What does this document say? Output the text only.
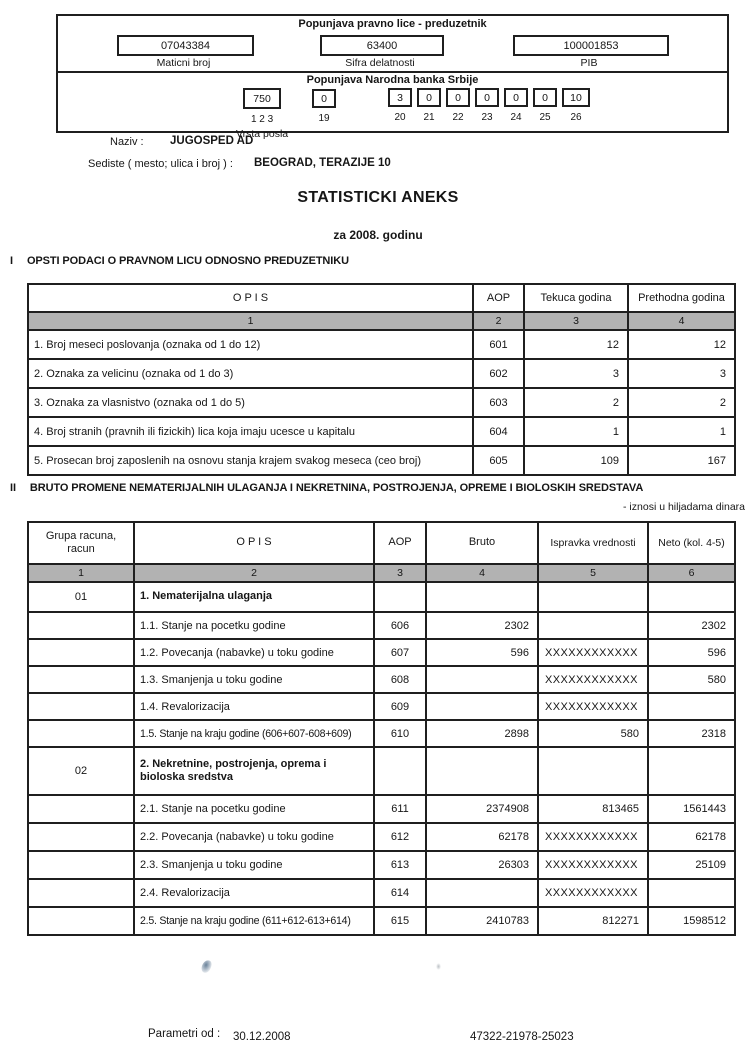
Popunjava pravno lice - preduzetnik
07043384	63400	100001853
Maticni broj	Sifra delatnosti	PIB
Popunjava Narodna banka Srbije
750
1 2 3
Vrsta posla
0
19
3
20
0
21
0
22
0
23
0
24
0
25
10
26
Naziv : JUGOSPED AD
Sediste ( mesto; ulica i broj ) : BEOGRAD, TERAZIJE 10
STATISTICKI ANEKS
za 2008. godinu
I OPSTI PODACI O PRAVNOM LICU ODNOSNO PREDUZETNIKU
O P I S	AOP	Tekuca godina	Prethodna godina
1	2	3	4
1. Broj meseci poslovanja (oznaka od 1 do 12)	601	12	12
2. Oznaka za velicinu (oznaka od 1 do 3)	602	3	3
3. Oznaka za vlasnistvo (oznaka od 1 do 5)	603	2	2
4. Broj stranih (pravnih ili fizickih) lica koja imaju ucesce u kapitalu	604	1	1
5. Prosecan broj zaposlenih na osnovu stanja krajem svakog meseca (ceo broj)	605	109	167
II BRUTO PROMENE NEMATERIJALNIH ULAGANJA I NEKRETNINA, POSTROJENJA, OPREME I BIOLOSKIH SREDSTAVA
- iznosi u hiljadama dinara
Grupa racuna, racun	O P I S	AOP	Bruto	Ispravka vrednosti	Neto (kol. 4-5)
1	2	3	4	5	6
01	1. Nematerijalna ulaganja				
	1.1. Stanje na pocetku godine	606	2302		2302
	1.2. Povecanja (nabavke) u toku godine	607	596	XXXXXXXXXXXX	596
	1.3. Smanjenja u toku godine	608		XXXXXXXXXXXX	580
	1.4. Revalorizacija	609		XXXXXXXXXXXX	
	1.5. Stanje na kraju godine (606+607-608+609)	610	2898	580	2318
02	2. Nekretnine, postrojenja, oprema i bioloska sredstva				
	2.1. Stanje na pocetku godine	611	2374908	813465	1561443
	2.2. Povecanja (nabavke) u toku godine	612	62178	XXXXXXXXXXXX	62178
	2.3. Smanjenja u toku godine	613	26303	XXXXXXXXXXXX	25109
	2.4. Revalorizacija	614		XXXXXXXXXXXX	
	2.5. Stanje na kraju godine (611+612-613+614)	615	2410783	812271	1598512
Parametri od : 30.12.2008	47322-21978-25023
